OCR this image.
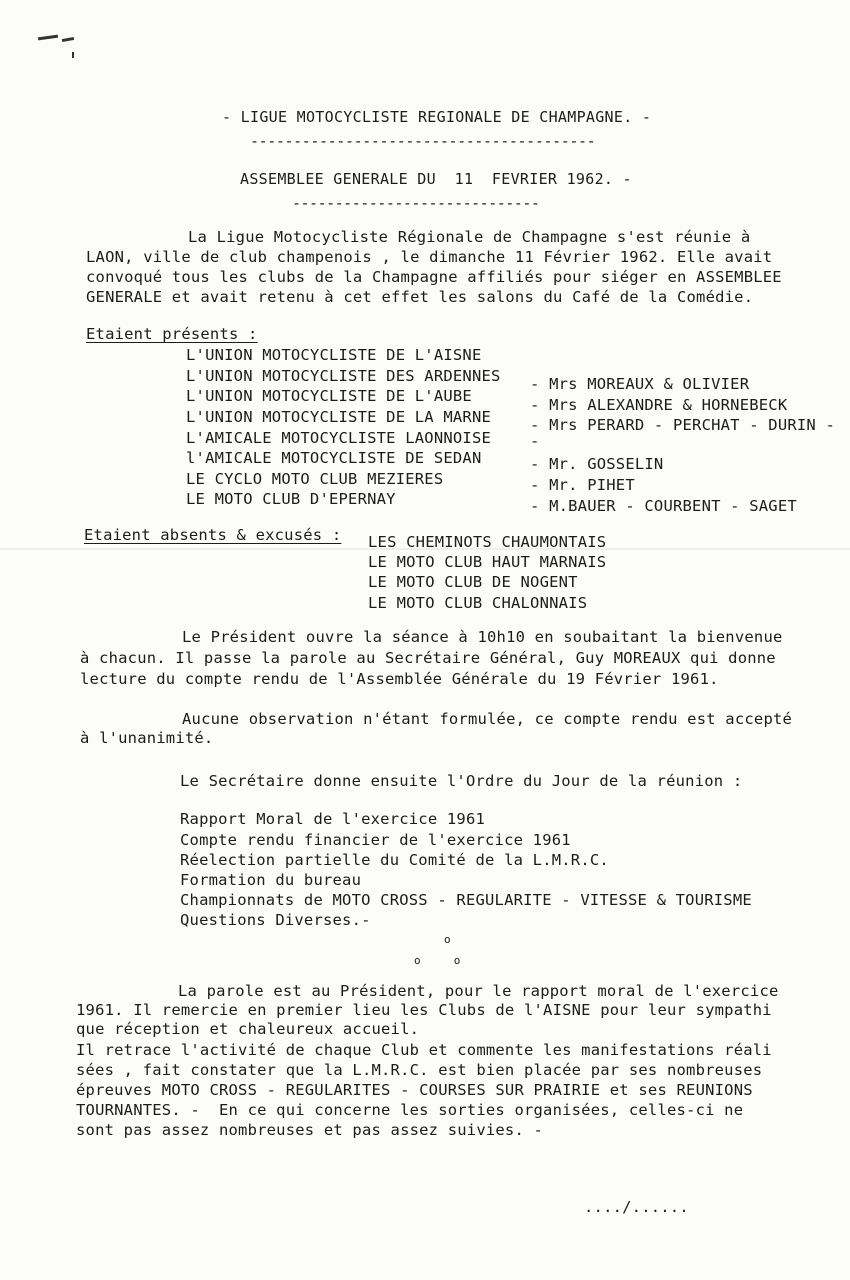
- LIGUE MOTOCYCLISTE REGIONALE DE CHAMPAGNE. -
----------------------------------------
ASSEMBLEE GENERALE DU  11  FEVRIER 1962. -
-----------------------------
La Ligue Motocycliste Régionale de Champagne s'est réunie à
LAON, ville de club champenois , le dimanche 11 Février 1962. Elle avait
convoqué tous les clubs de la Champagne affiliés pour siéger en ASSEMBLEE
GENERALE et avait retenu à cet effet les salons du Café de la Comédie.
Etaient présents :
L'UNION MOTOCYCLISTE DE L'AISNE
L'UNION MOTOCYCLISTE DES ARDENNES
L'UNION MOTOCYCLISTE DE L'AUBE
L'UNION MOTOCYCLISTE DE LA MARNE
L'AMICALE MOTOCYCLISTE LAONNOISE
l'AMICALE MOTOCYCLISTE DE SEDAN
LE CYCLO MOTO CLUB MEZIERES
LE MOTO CLUB D'EPERNAY
- Mrs MOREAUX & OLIVIER
- Mrs ALEXANDRE & HORNEBECK
- Mrs PERARD - PERCHAT - DURIN -
-
- Mr. GOSSELIN
- Mr. PIHET
- M.BAUER - COURBENT - SAGET
Etaient absents & excusés : LES CHEMINOTS CHAUMONTAIS
LE MOTO CLUB HAUT MARNAIS
LE MOTO CLUB DE NOGENT
LE MOTO CLUB CHALONNAIS
Le Président ouvre la séance à 10h10 en soubaitant la bienvenue
à chacun. Il passe la parole au Secrétaire Général, Guy MOREAUX qui donne
lecture du compte rendu de l'Assemblée Générale du 19 Février 1961.
Aucune observation n'étant formulée, ce compte rendu est accepté
à l'unanimité.
Le Secrétaire donne ensuite l'Ordre du Jour de la réunion :
Rapport Moral de l'exercice 1961
Compte rendu financier de l'exercice 1961
Réelection partielle du Comité de la L.M.R.C.
Formation du bureau
Championnats de MOTO CROSS - REGULARITE - VITESSE & TOURISME
Questions Diverses.-
o
o     o
La parole est au Président, pour le rapport moral de l'exercice
1961. Il remercie en premier lieu les Clubs de l'AISNE pour leur sympathi
que réception et chaleureux accueil.
Il retrace l'activité de chaque Club et commente les manifestations réali
sées , fait constater que la L.M.R.C. est bien placée par ses nombreuses
épreuves MOTO CROSS - REGULARITES - COURSES SUR PRAIRIE et ses REUNIONS
TOURNANTES. -  En ce qui concerne les sorties organisées, celles-ci ne
sont pas assez nombreuses et pas assez suivies. -
..../......
